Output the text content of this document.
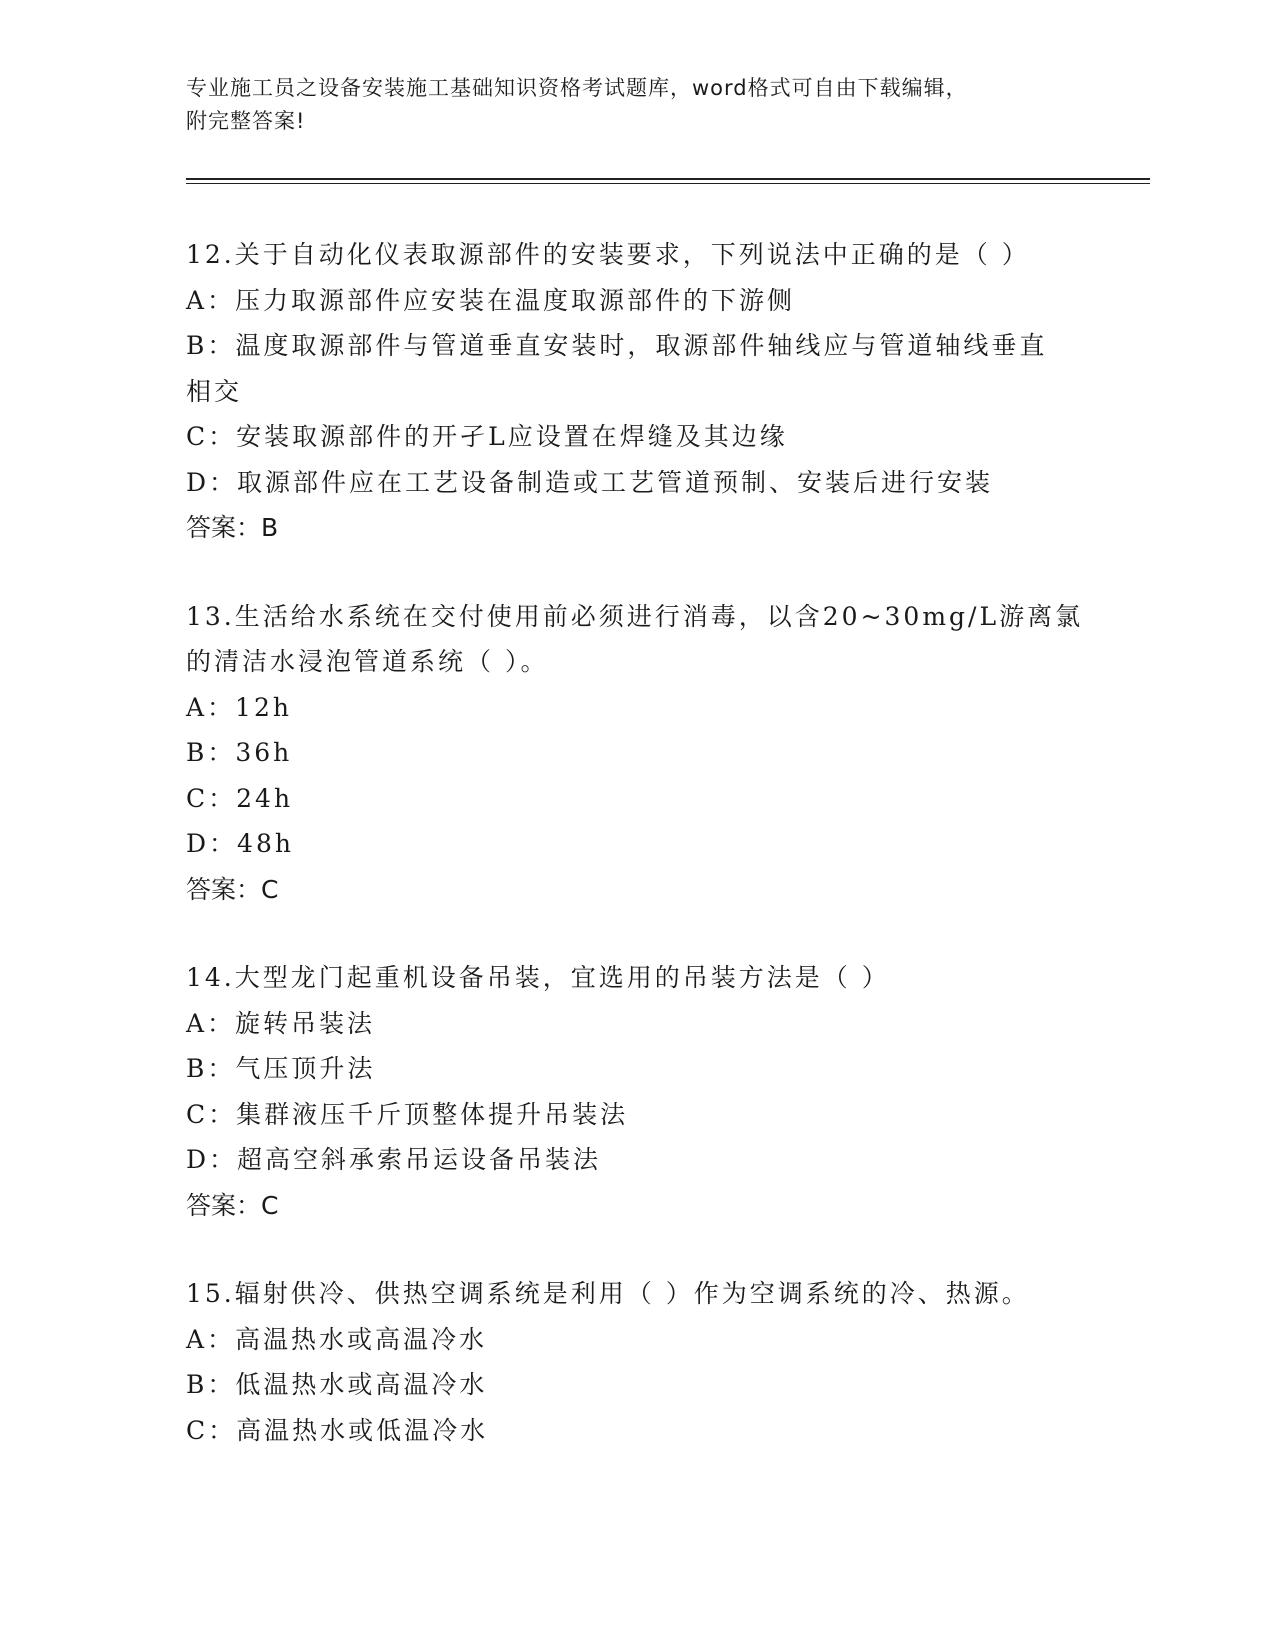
专业施工员之设备安装施工基础知识资格考试题库，word格式可自由下载编辑，
附完整答案!
12.关于自动化仪表取源部件的安装要求，下列说法中正确的是（ ）
A：压力取源部件应安装在温度取源部件的下游侧
B：温度取源部件与管道垂直安装时，取源部件轴线应与管道轴线垂直
相交
C：安装取源部件的开孑L应设置在焊缝及其边缘
D：取源部件应在工艺设备制造或工艺管道预制、安装后进行安装
答案：B
13.生活给水系统在交付使用前必须进行消毒，以含20~30mg/L游离氯
的清洁水浸泡管道系统（ ）。
A：12h
B：36h
C：24h
D：48h
答案：C
14.大型龙门起重机设备吊装，宜选用的吊装方法是（ ）
A：旋转吊装法
B：气压顶升法
C：集群液压千斤顶整体提升吊装法
D：超高空斜承索吊运设备吊装法
答案：C
15.辐射供冷、供热空调系统是利用（ ）作为空调系统的冷、热源。
A：高温热水或高温冷水
B：低温热水或高温冷水
C：高温热水或低温冷水
